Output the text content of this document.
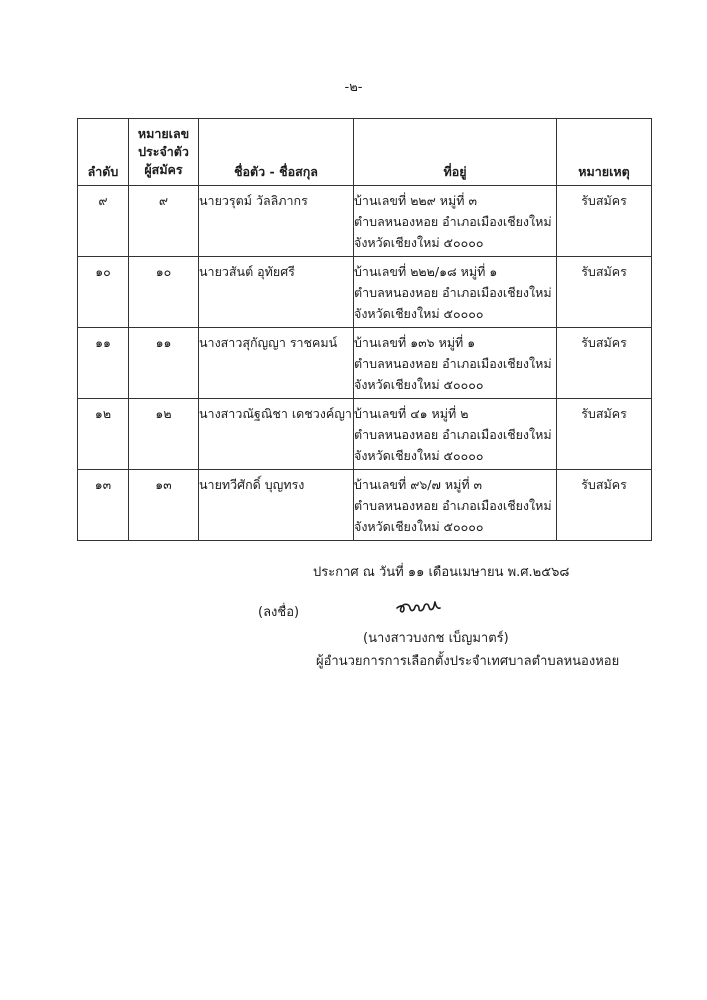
-๒-
ลำดับ	หมายเลข
ประจำตัว
ผู้สมัคร	ชื่อตัว - ชื่อสกุล	ที่อยู่	หมายเหตุ
๙	๙	นายวรุตม์ วัลลิภากร	บ้านเลขที่ ๒๒๙ หมู่ที่ ๓
ตำบลหนองหอย อำเภอเมืองเชียงใหม่
จังหวัดเชียงใหม่ ๕๐๐๐๐	รับสมัคร
๑๐	๑๐	นายวสันต์ อุทัยศรี	บ้านเลขที่ ๒๒๒/๑๘ หมู่ที่ ๑
ตำบลหนองหอย อำเภอเมืองเชียงใหม่
จังหวัดเชียงใหม่ ๕๐๐๐๐	รับสมัคร
๑๑	๑๑	นางสาวสุกัญญา ราชคมน์	บ้านเลขที่ ๑๓๖ หมู่ที่ ๑
ตำบลหนองหอย อำเภอเมืองเชียงใหม่
จังหวัดเชียงใหม่ ๕๐๐๐๐	รับสมัคร
๑๒	๑๒	นางสาวณัฐณิชา เดชวงค์ญา	บ้านเลขที่ ๔๑ หมู่ที่ ๒
ตำบลหนองหอย อำเภอเมืองเชียงใหม่
จังหวัดเชียงใหม่ ๕๐๐๐๐	รับสมัคร
๑๓	๑๓	นายทวีศักดิ์ บุญทรง	บ้านเลขที่ ๙๖/๗ หมู่ที่ ๓
ตำบลหนองหอย อำเภอเมืองเชียงใหม่
จังหวัดเชียงใหม่ ๕๐๐๐๐	รับสมัคร
ประกาศ ณ วันที่ ๑๑ เดือนเมษายน พ.ศ.๒๕๖๘
(ลงชื่อ)
(นางสาวบงกช เบ็ญมาตร์)
ผู้อำนวยการการเลือกตั้งประจำเทศบาลตำบลหนองหอย
